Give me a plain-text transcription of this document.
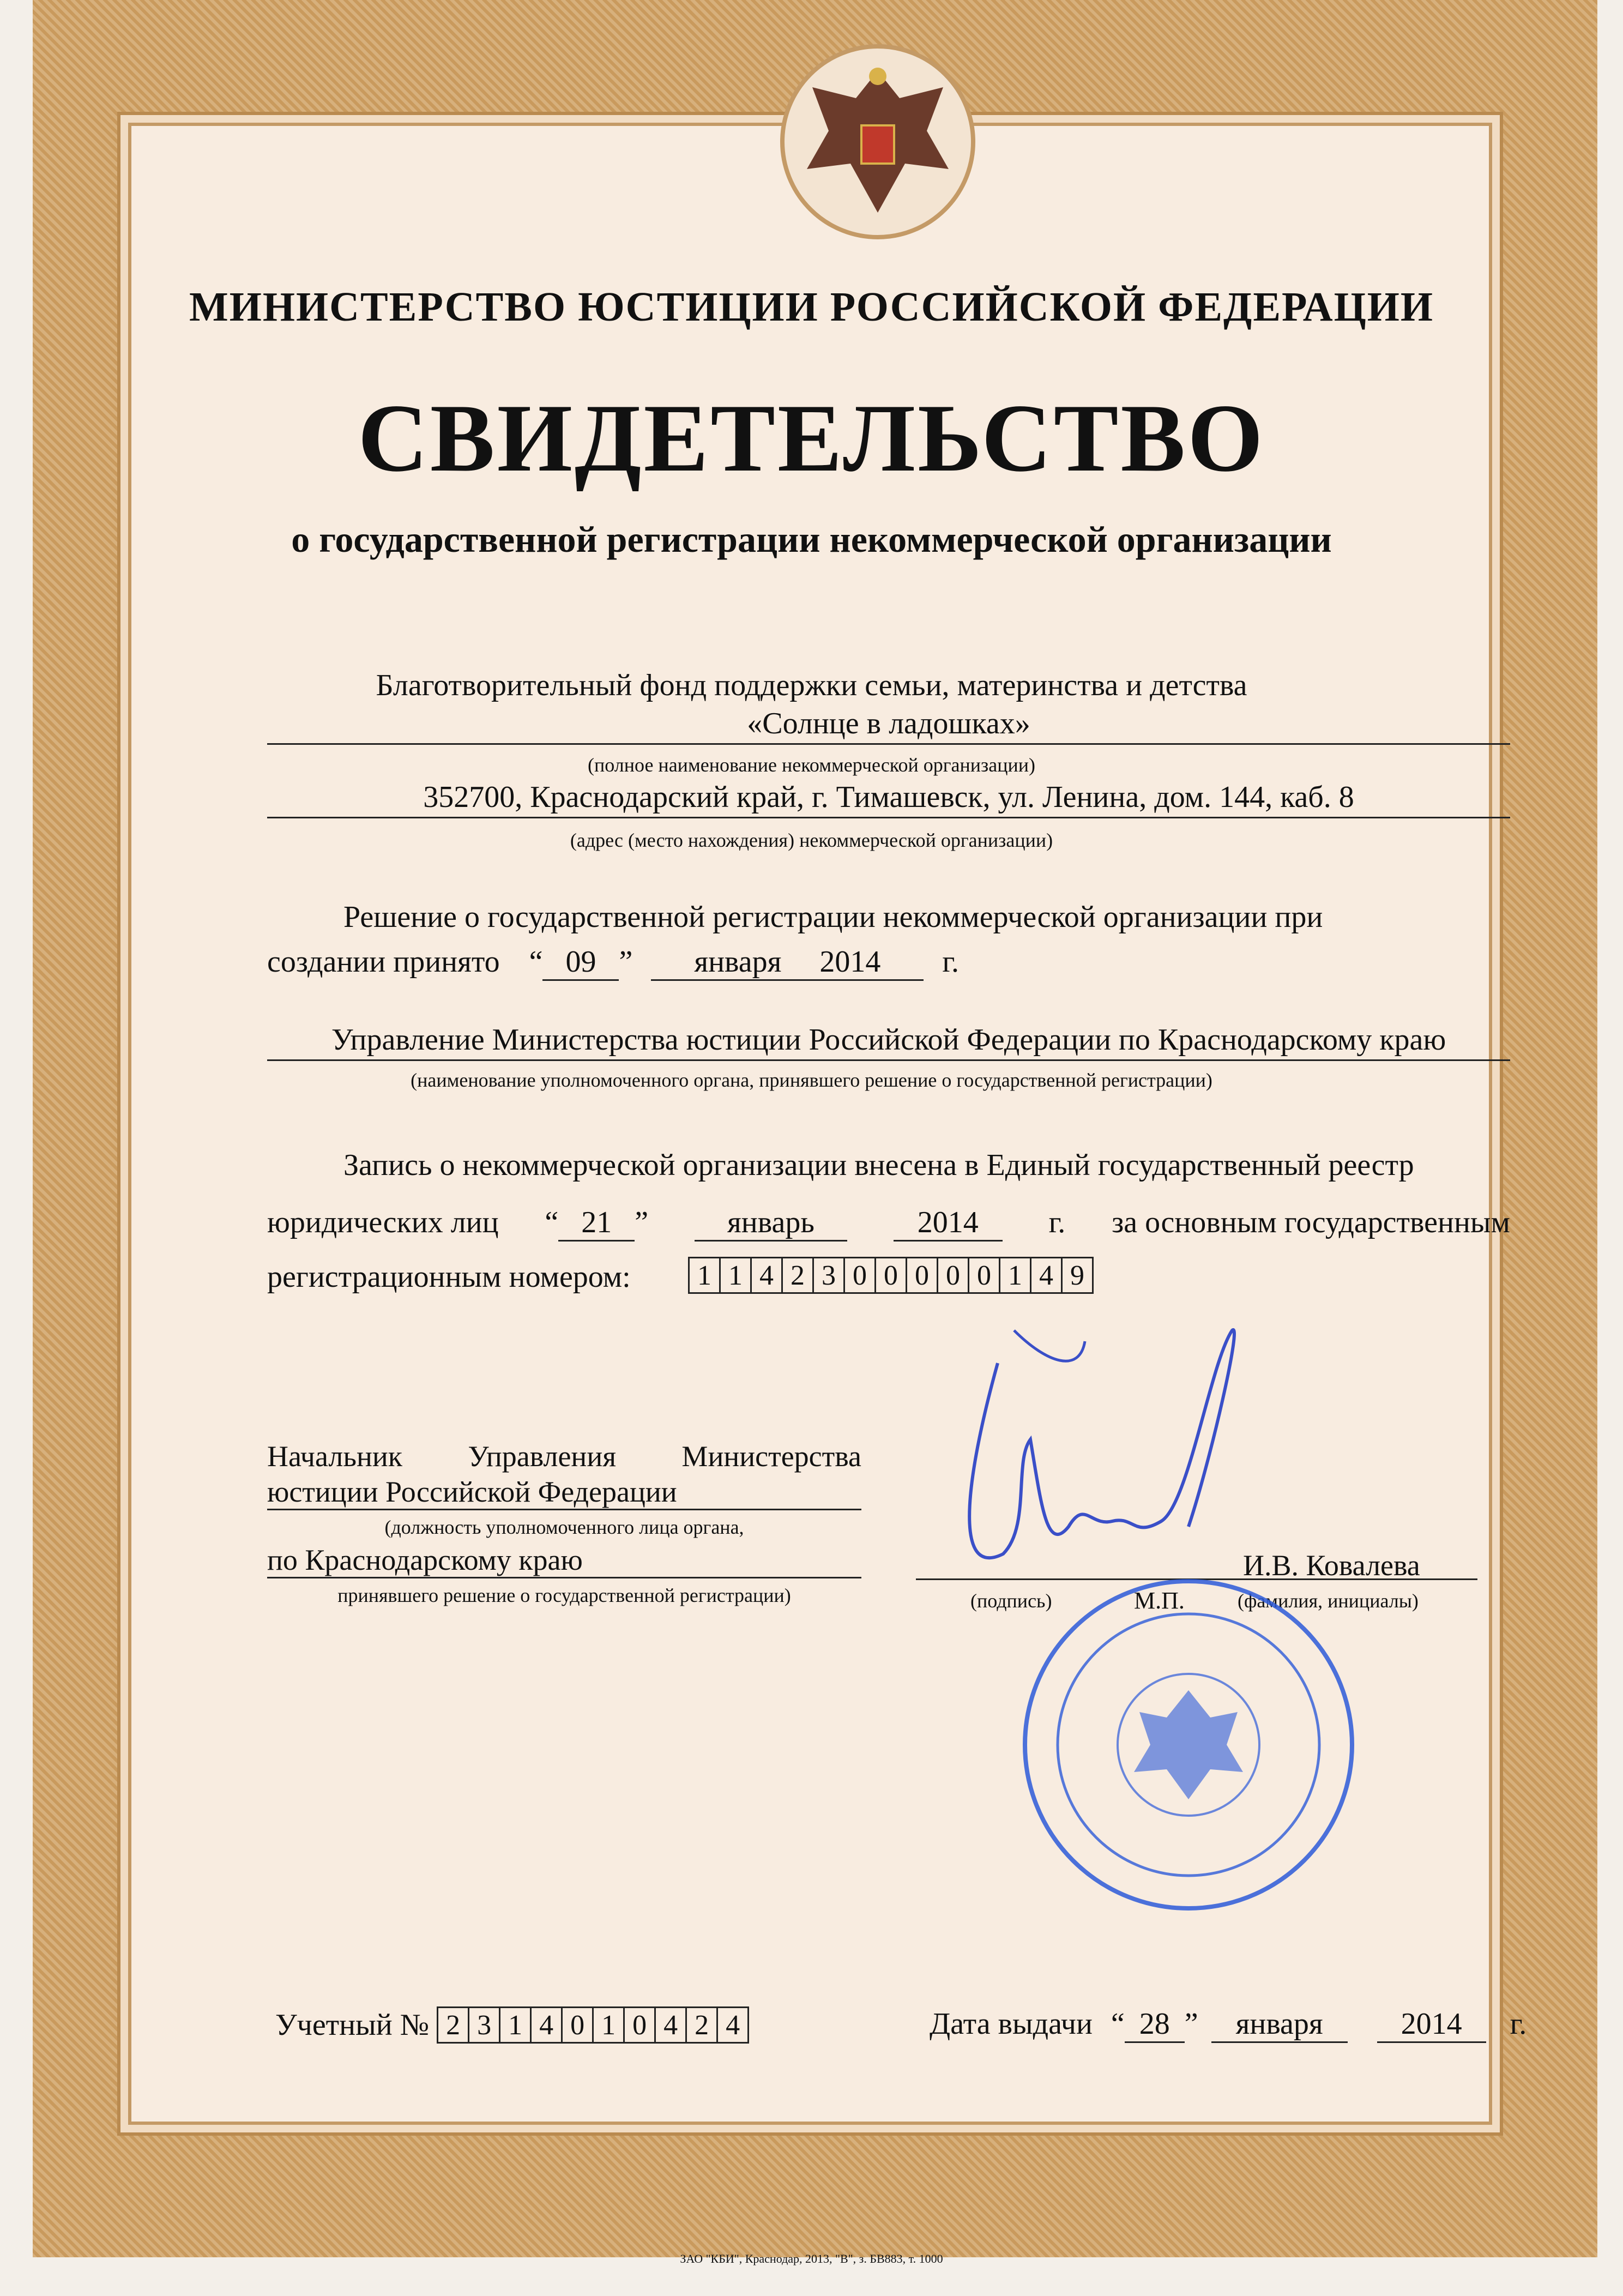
МИНИСТЕРСТВО ЮСТИЦИИ РОССИЙСКОЙ ФЕДЕРАЦИИ
СВИДЕТЕЛЬСТВО
о государственной регистрации некоммерческой организации
Благотворительный фонд поддержки семьи, материнства и детства
«Солнце в ладошках»
(полное наименование некоммерческой организации)
352700, Краснодарский край, г. Тимашевск, ул. Ленина, дом. 144, каб. 8
(адрес (место нахождения) некоммерческой организации)
Решение о государственной регистрации некоммерческой организации при
создании принято “ 09 ” января 2014 г.
Управление Министерства юстиции Российской Федерации по Краснодарскому краю
(наименование уполномоченного органа, принявшего решение о государственной регистрации)
Запись о некоммерческой организации внесена в Единый государственный реестр
юридических лиц “ 21 ”	январь	2014	г. за основным государственным
регистрационным номером: 1 1 4 2 3 0 0 0 0 0 1 4 9
Начальник Управления Министерства
юстиции Российской Федерации
(должность уполномоченного лица органа,
по Краснодарскому краю
принявшего решение о государственной регистрации)
И.В. Ковалева
(подпись)	М.П.	(фамилия, инициалы)
Учетный № 2 3 1 4 0 1 0 4 2 4	Дата выдачи “ 28 ” января	2014 г.
ЗАО "КБИ", Краснодар, 2013, "В", з. БВ883, т. 1000
